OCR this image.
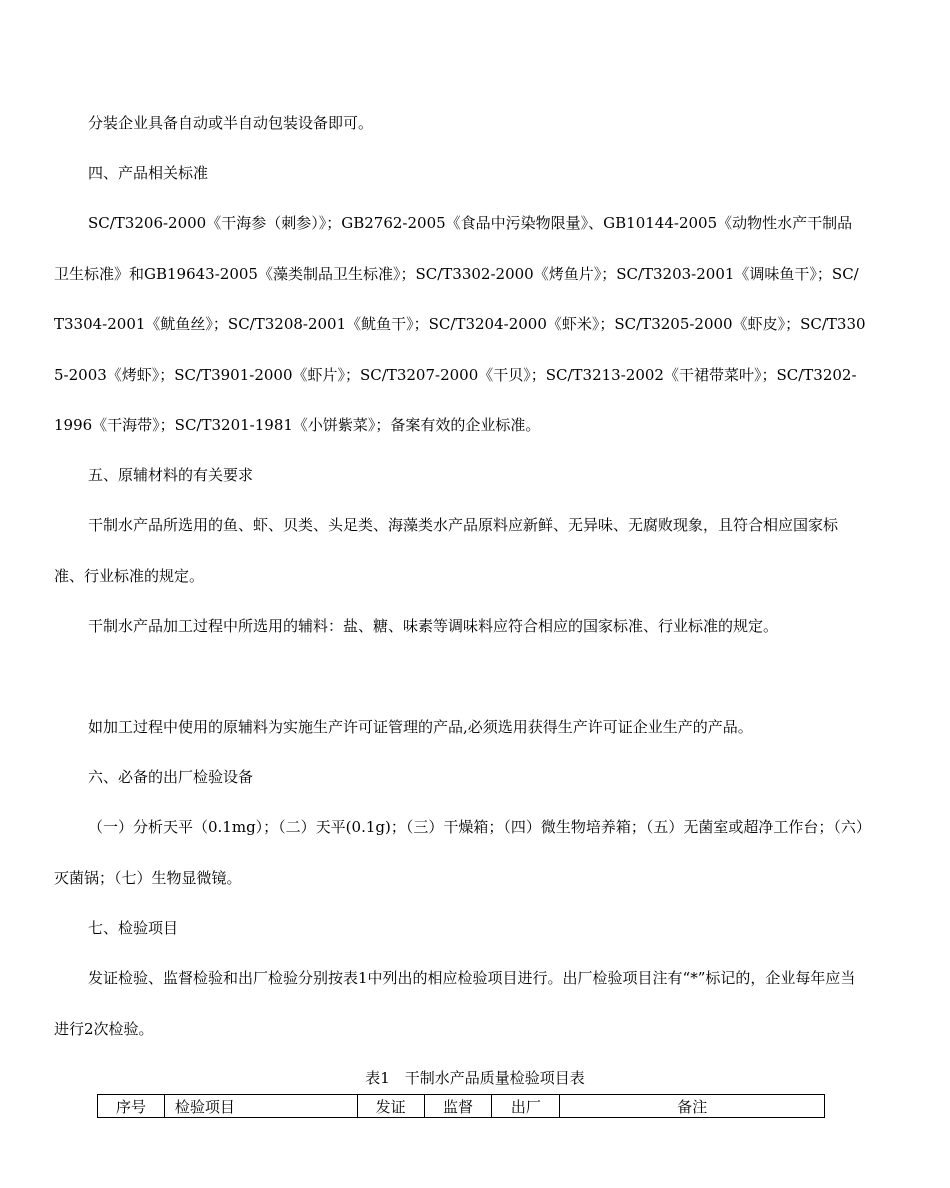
分装企业具备自动或半自动包装设备即可。

四、产品相关标准

SC/T3206-2000《干海参（刺参）》；GB2762-2005《食品中污染物限量》、GB10144-2005《动物性水产干制品卫生标准》和GB19643-2005《藻类制品卫生标准》；SC/T3302-2000《烤鱼片》；SC/T3203-2001《调味鱼干》；SC/T3304-2001《鱿鱼丝》；SC/T3208-2001《鱿鱼干》；SC/T3204-2000《虾米》；SC/T3205-2000《虾皮》；SC/T3305-2003《烤虾》；SC/T3901-2000《虾片》；SC/T3207-2000《干贝》；SC/T3213-2002《干裙带菜叶》；SC/T3202-1996《干海带》；SC/T3201-1981《小饼紫菜》；备案有效的企业标准。

五、原辅材料的有关要求

干制水产品所选用的鱼、虾、贝类、头足类、海藻类水产品原料应新鲜、无异味、无腐败现象，且符合相应国家标准、行业标准的规定。

干制水产品加工过程中所选用的辅料：盐、糖、味素等调味料应符合相应的国家标准、行业标准的规定。

如加工过程中使用的原辅料为实施生产许可证管理的产品,必须选用获得生产许可证企业生产的产品。

六、必备的出厂检验设备

（一）分析天平（0.1mg）；（二）天平(0.1g)；（三）干燥箱；（四）微生物培养箱；（五）无菌室或超净工作台；（六）灭菌锅；（七）生物显微镜。

七、检验项目

发证检验、监督检验和出厂检验分别按表1中列出的相应检验项目进行。出厂检验项目注有“*”标记的，企业每年应当进行2次检验。

表1　干制水产品质量检验项目表
序号	检验项目	发证	监督	出厂	备注
